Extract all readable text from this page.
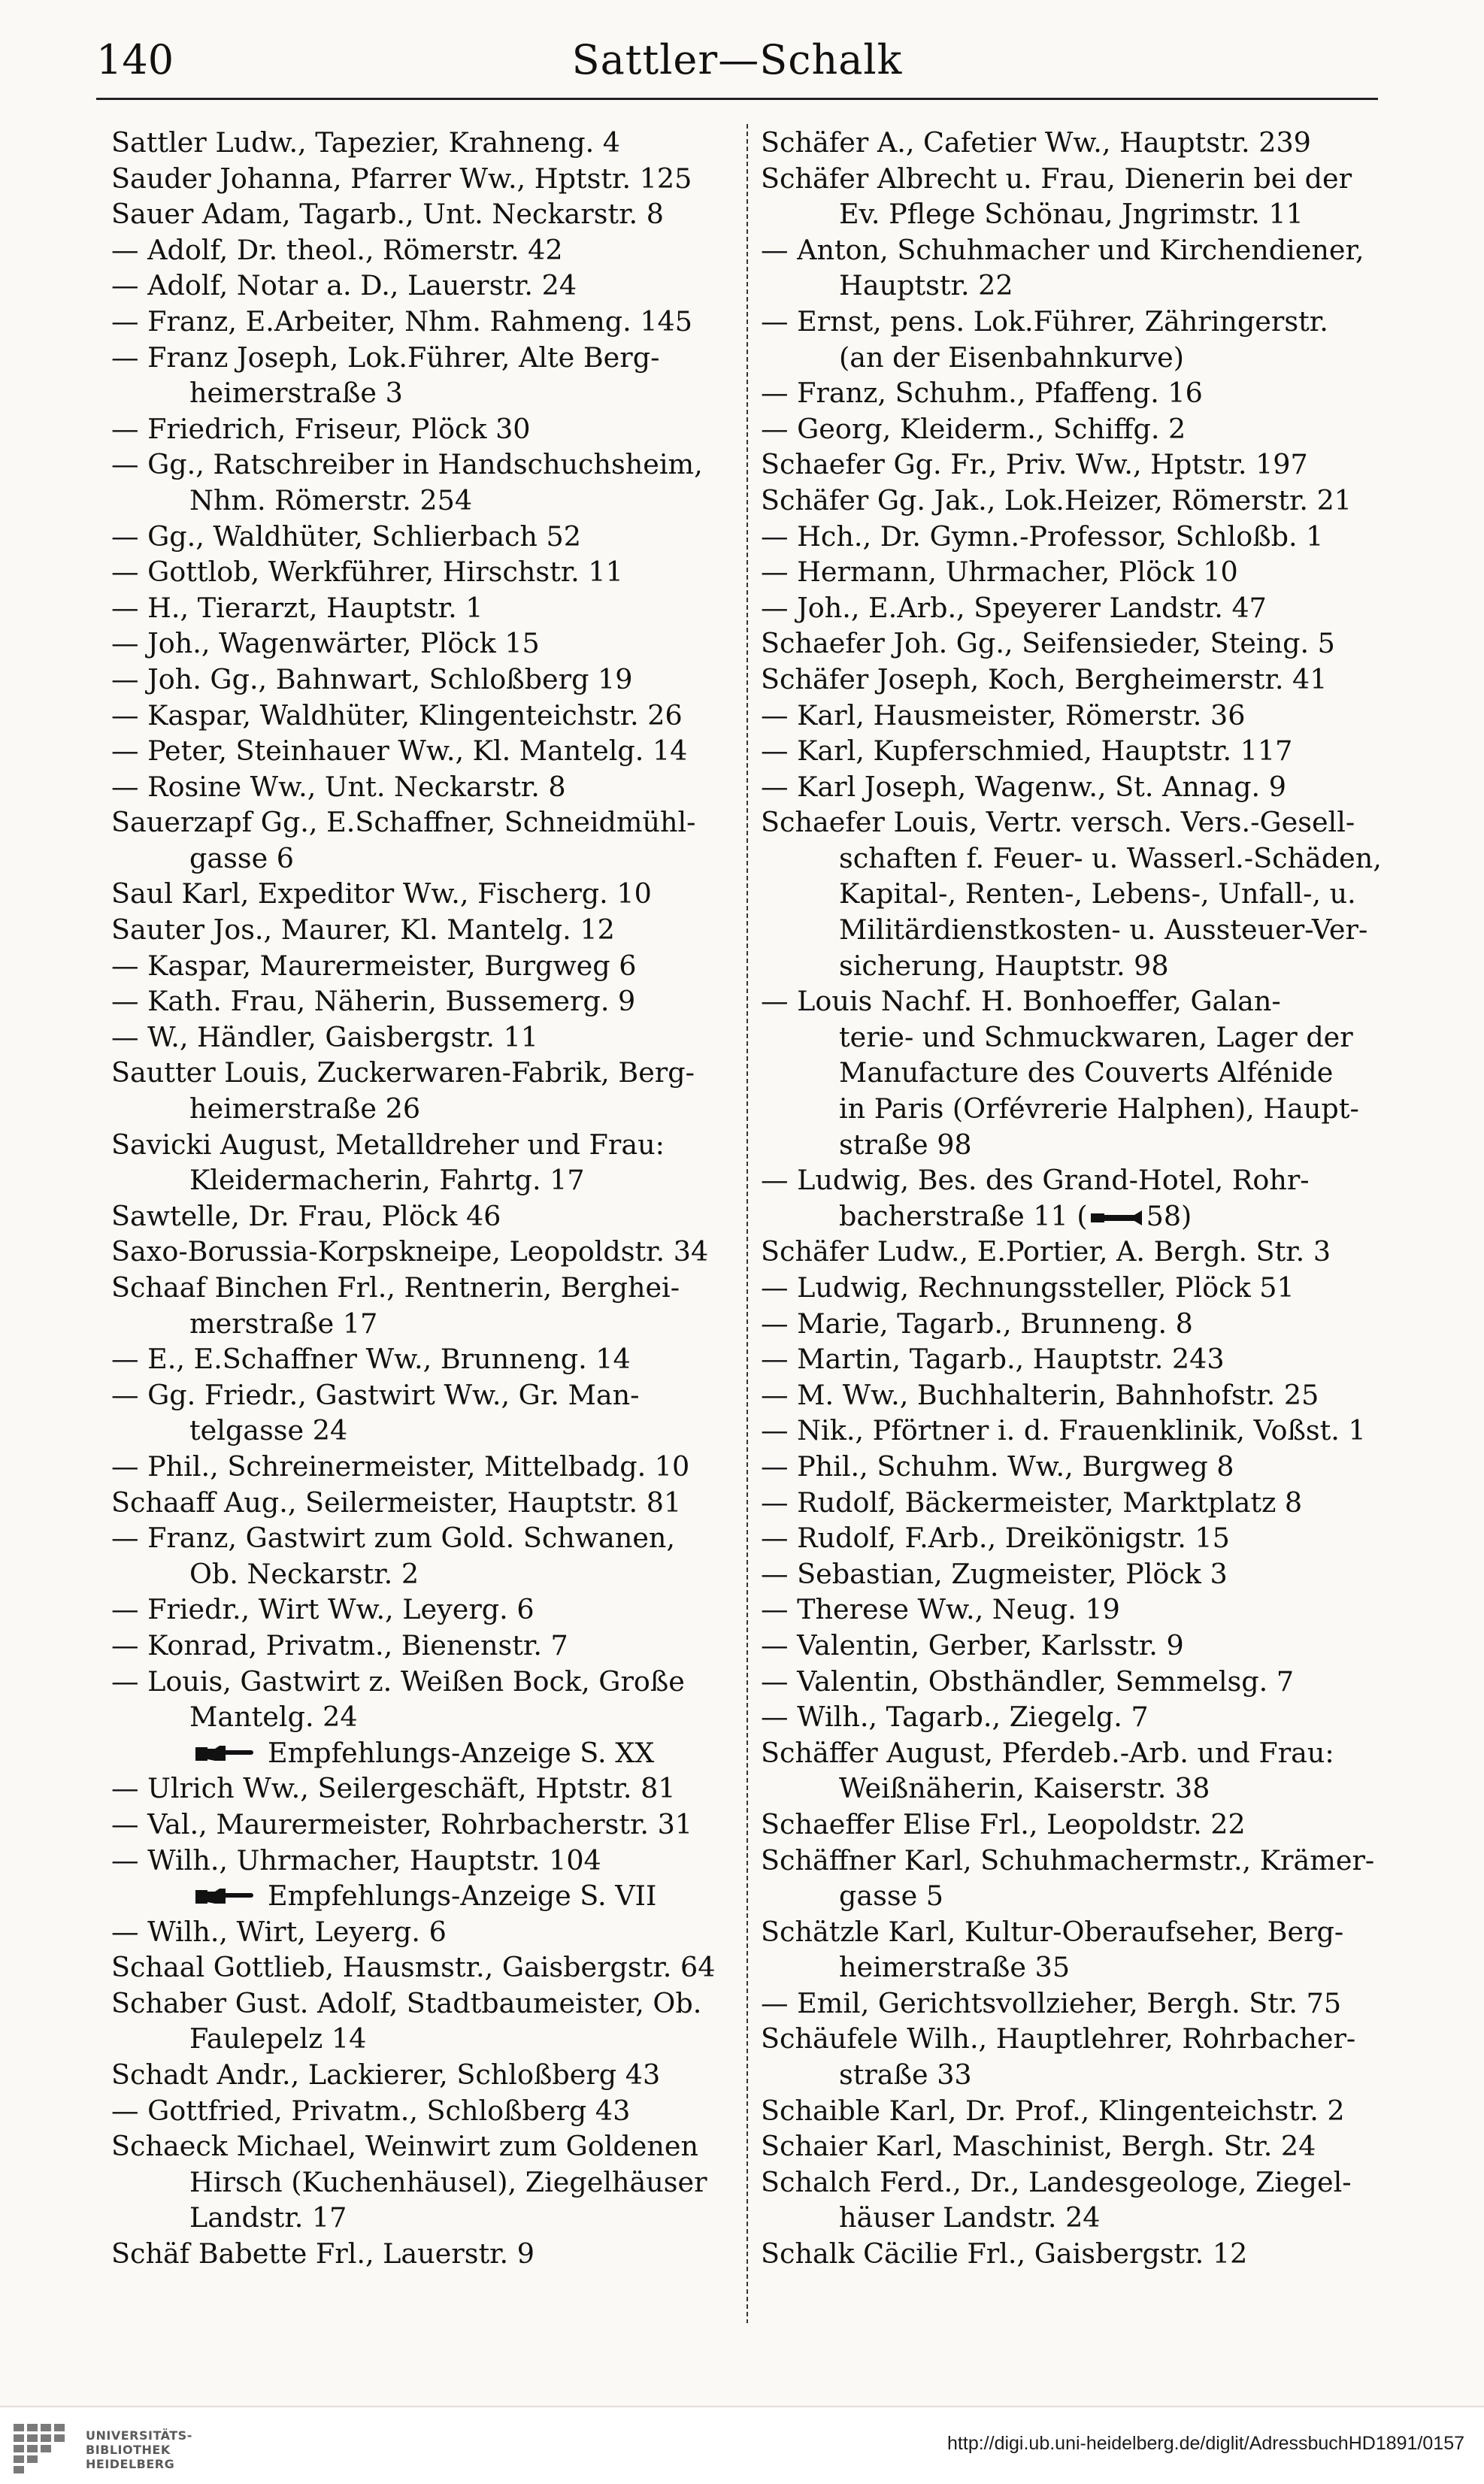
140	Sattler—Schalk
Sattler Ludw., Tapezier, Krahneng. 4
Sauder Johanna, Pfarrer Ww., Hptstr. 125
Sauer Adam, Tagarb., Unt. Neckarstr. 8
— Adolf, Dr. theol., Römerstr. 42
— Adolf, Notar a. D., Lauerstr. 24
— Franz, E.Arbeiter, Nhm. Rahmeng. 145
— Franz Joseph, Lok.Führer, Alte Berg-
heimerstraße 3
— Friedrich, Friseur, Plöck 30
— Gg., Ratschreiber in Handschuchsheim,
Nhm. Römerstr. 254
— Gg., Waldhüter, Schlierbach 52
— Gottlob, Werkführer, Hirschstr. 11
— H., Tierarzt, Hauptstr. 1
— Joh., Wagenwärter, Plöck 15
— Joh. Gg., Bahnwart, Schloßberg 19
— Kaspar, Waldhüter, Klingenteichstr. 26
— Peter, Steinhauer Ww., Kl. Mantelg. 14
— Rosine Ww., Unt. Neckarstr. 8
Sauerzapf Gg., E.Schaffner, Schneidmühl-
gasse 6
Saul Karl, Expeditor Ww., Fischerg. 10
Sauter Jos., Maurer, Kl. Mantelg. 12
— Kaspar, Maurermeister, Burgweg 6
— Kath. Frau, Näherin, Bussemerg. 9
— W., Händler, Gaisbergstr. 11
Sautter Louis, Zuckerwaren-Fabrik, Berg-
heimerstraße 26
Savicki August, Metalldreher und Frau:
Kleidermacherin, Fahrtg. 17
Sawtelle, Dr. Frau, Plöck 46
Saxo-Borussia-Korpskneipe, Leopoldstr. 34
Schaaf Binchen Frl., Rentnerin, Berghei-
merstraße 17
— E., E.Schaffner Ww., Brunneng. 14
— Gg. Friedr., Gastwirt Ww., Gr. Man-
telgasse 24
— Phil., Schreinermeister, Mittelbadg. 10
Schaaff Aug., Seilermeister, Hauptstr. 81
— Franz, Gastwirt zum Gold. Schwanen,
Ob. Neckarstr. 2
— Friedr., Wirt Ww., Leyerg. 6
— Konrad, Privatm., Bienenstr. 7
— Louis, Gastwirt z. Weißen Bock, Große
Mantelg. 24
Empfehlungs-Anzeige S. XX
— Ulrich Ww., Seilergeschäft, Hptstr. 81
— Val., Maurermeister, Rohrbacherstr. 31
— Wilh., Uhrmacher, Hauptstr. 104
Empfehlungs-Anzeige S. VII
— Wilh., Wirt, Leyerg. 6
Schaal Gottlieb, Hausmstr., Gaisbergstr. 64
Schaber Gust. Adolf, Stadtbaumeister, Ob.
Faulepelz 14
Schadt Andr., Lackierer, Schloßberg 43
— Gottfried, Privatm., Schloßberg 43
Schaeck Michael, Weinwirt zum Goldenen
Hirsch (Kuchenhäusel), Ziegelhäuser
Landstr. 17
Schäf Babette Frl., Lauerstr. 9
Schäfer A., Cafetier Ww., Hauptstr. 239
Schäfer Albrecht u. Frau, Dienerin bei der
Ev. Pflege Schönau, Jngrimstr. 11
— Anton, Schuhmacher und Kirchendiener,
Hauptstr. 22
— Ernst, pens. Lok.Führer, Zähringerstr.
(an der Eisenbahnkurve)
— Franz, Schuhm., Pfaffeng. 16
— Georg, Kleiderm., Schiffg. 2
Schaefer Gg. Fr., Priv. Ww., Hptstr. 197
Schäfer Gg. Jak., Lok.Heizer, Römerstr. 21
— Hch., Dr. Gymn.-Professor, Schloßb. 1
— Hermann, Uhrmacher, Plöck 10
— Joh., E.Arb., Speyerer Landstr. 47
Schaefer Joh. Gg., Seifensieder, Steing. 5
Schäfer Joseph, Koch, Bergheimerstr. 41
— Karl, Hausmeister, Römerstr. 36
— Karl, Kupferschmied, Hauptstr. 117
— Karl Joseph, Wagenw., St. Annag. 9
Schaefer Louis, Vertr. versch. Vers.-Gesell-
schaften f. Feuer- u. Wasserl.-Schäden,
Kapital-, Renten-, Lebens-, Unfall-, u.
Militärdienstkosten- u. Aussteuer-Ver-
sicherung, Hauptstr. 98
— Louis Nachf. H. Bonhoeffer, Galan-
terie- und Schmuckwaren, Lager der
Manufacture des Couverts Alfénide
in Paris (Orfévrerie Halphen), Haupt-
straße 98
— Ludwig, Bes. des Grand-Hotel, Rohr-
bacherstraße 11 ( 58)
Schäfer Ludw., E.Portier, A. Bergh. Str. 3
— Ludwig, Rechnungssteller, Plöck 51
— Marie, Tagarb., Brunneng. 8
— Martin, Tagarb., Hauptstr. 243
— M. Ww., Buchhalterin, Bahnhofstr. 25
— Nik., Pförtner i. d. Frauenklinik, Voßst. 1
— Phil., Schuhm. Ww., Burgweg 8
— Rudolf, Bäckermeister, Marktplatz 8
— Rudolf, F.Arb., Dreikönigstr. 15
— Sebastian, Zugmeister, Plöck 3
— Therese Ww., Neug. 19
— Valentin, Gerber, Karlsstr. 9
— Valentin, Obsthändler, Semmelsg. 7
— Wilh., Tagarb., Ziegelg. 7
Schäffer August, Pferdeb.-Arb. und Frau:
Weißnäherin, Kaiserstr. 38
Schaeffer Elise Frl., Leopoldstr. 22
Schäffner Karl, Schuhmachermstr., Krämer-
gasse 5
Schätzle Karl, Kultur-Oberaufseher, Berg-
heimerstraße 35
— Emil, Gerichtsvollzieher, Bergh. Str. 75
Schäufele Wilh., Hauptlehrer, Rohrbacher-
straße 33
Schaible Karl, Dr. Prof., Klingenteichstr. 2
Schaier Karl, Maschinist, Bergh. Str. 24
Schalch Ferd., Dr., Landesgeologe, Ziegel-
häuser Landstr. 24
Schalk Cäcilie Frl., Gaisbergstr. 12
UNIVERSITÄTS-
BIBLIOTHEK
HEIDELBERG
http://digi.ub.uni-heidelberg.de/diglit/AdressbuchHD1891/0157
